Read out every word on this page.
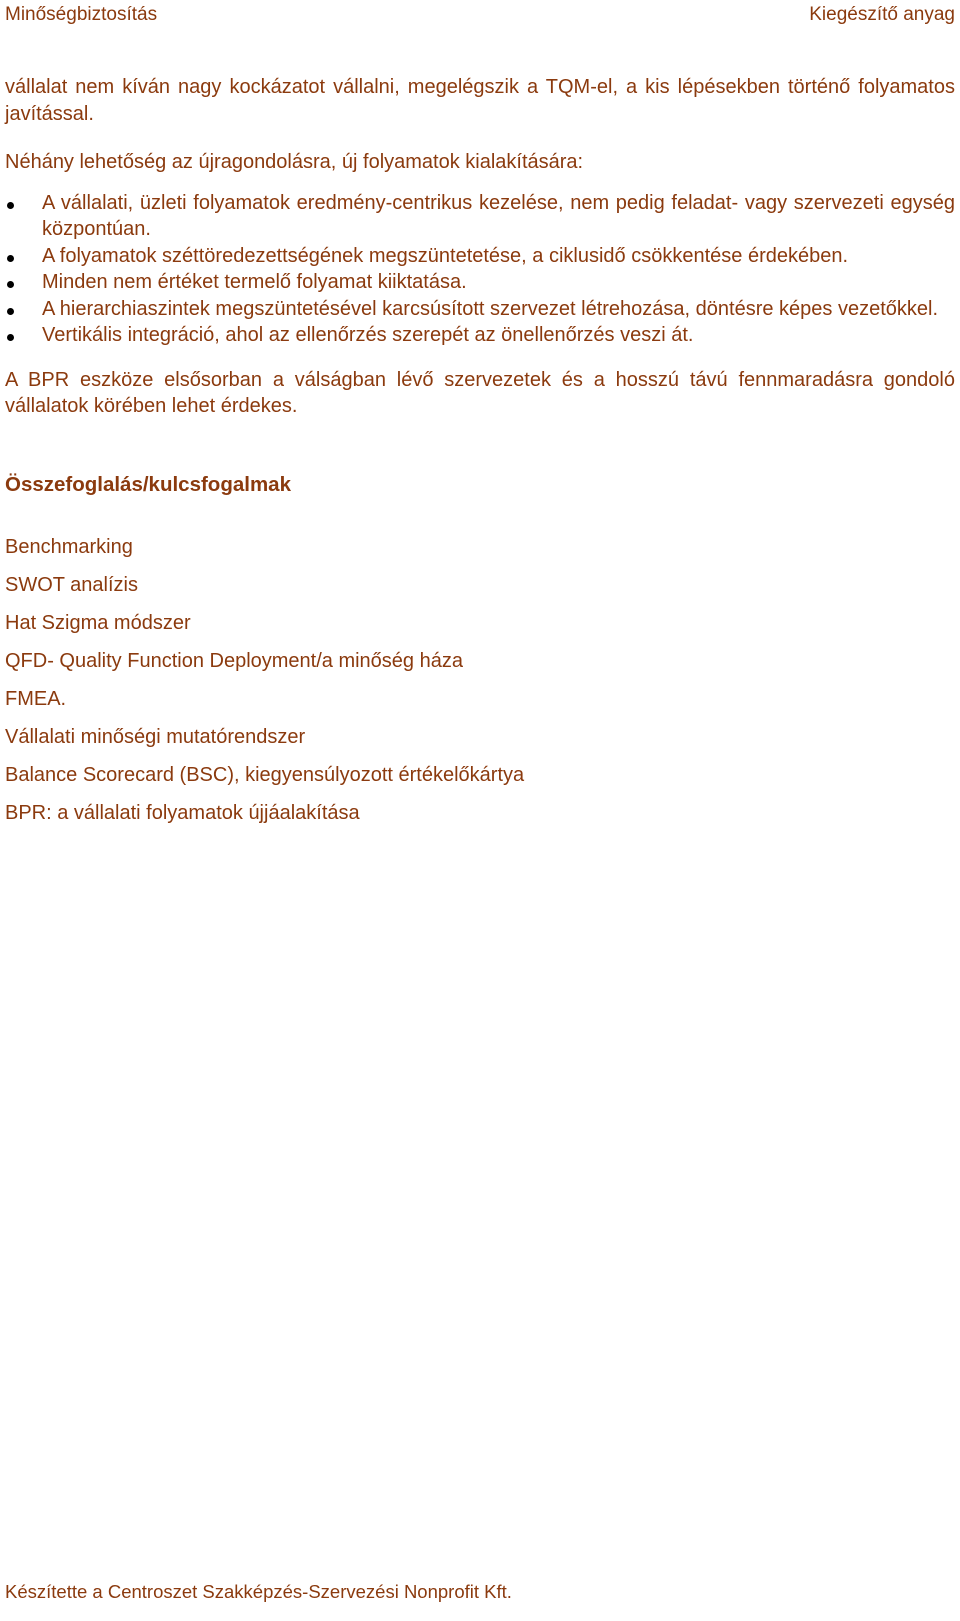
Minőségbiztosítás	Kiegészítő anyag

vállalat nem kíván nagy kockázatot vállalni, megelégszik a TQM-el, a kis lépésekben történő folyamatos javítással.

Néhány lehetőség az újragondolásra, új folyamatok kialakítására:

A vállalati, üzleti folyamatok eredmény-centrikus kezelése, nem pedig feladat- vagy szervezeti egység központúan.
A folyamatok széttöredezettségének megszüntetetése, a ciklusidő csökkentése érdekében.
Minden nem értéket termelő folyamat kiiktatása.
A hierarchiaszintek megszüntetésével karcsúsított szervezet létrehozása, döntésre képes vezetőkkel.
Vertikális integráció, ahol az ellenőrzés szerepét az önellenőrzés veszi át.

A BPR eszköze elsősorban a válságban lévő szervezetek és a hosszú távú fennmaradásra gondoló vállalatok körében lehet érdekes.

Összefoglalás/kulcsfogalmak
Benchmarking
SWOT analízis
Hat Szigma módszer
QFD- Quality Function Deployment/a minőség háza
FMEA.
Vállalati minőségi mutatórendszer
Balance Scorecard (BSC), kiegyensúlyozott értékelőkártya
BPR: a vállalati folyamatok újjáalakítása
Készítette a Centroszet Szakképzés-Szervezési Nonprofit Kft.
